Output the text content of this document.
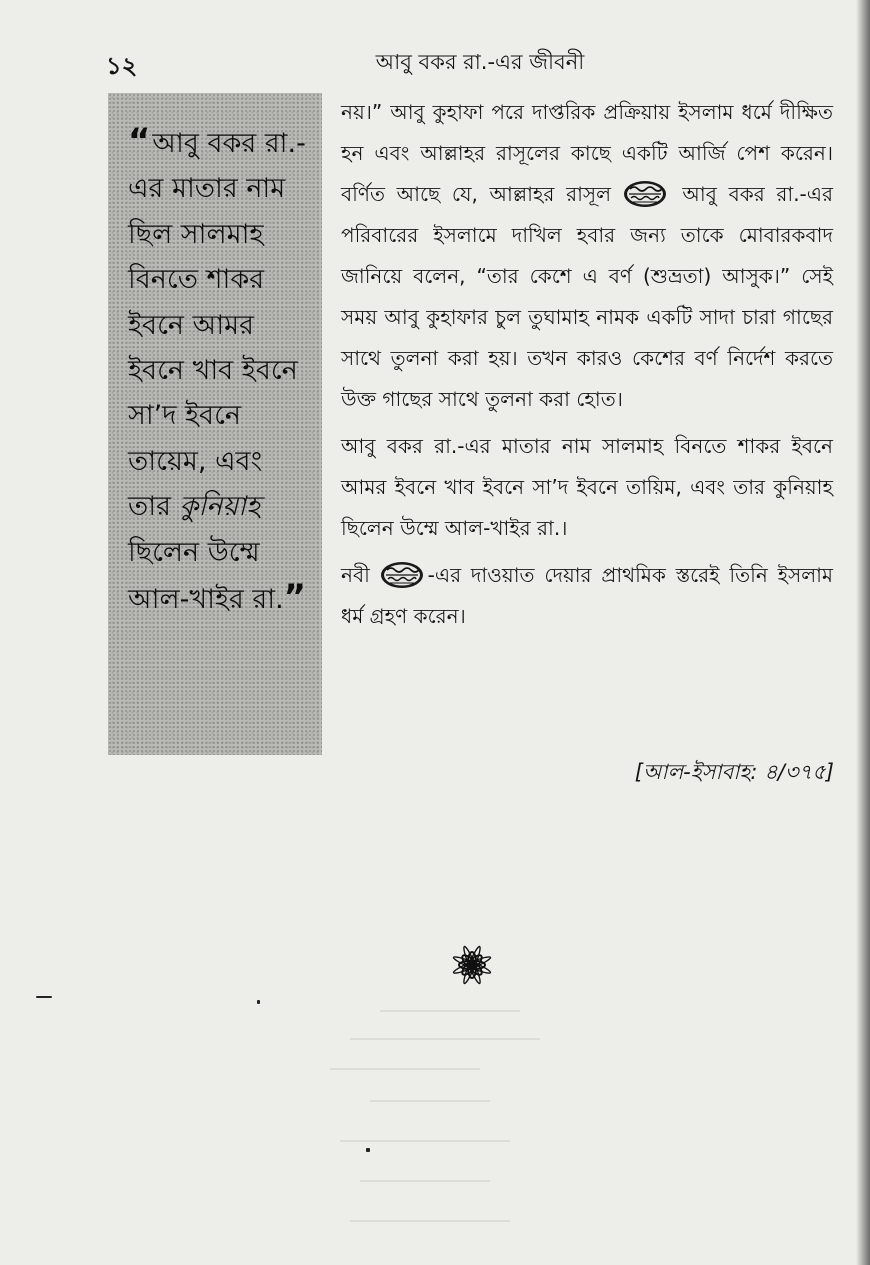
১২	আবু বকর রা.-এর জীবনী
“আবু বকর রা.-এর মাতার নাম ছিল সালমাহ বিনতে শাকর ইবনে আমর ইবনে খাব ইবনে সা’দ ইবনে তায়েম, এবং তার কুনিয়াহ ছিলেন উম্মে আল-খাইর রা.”

নয়।” আবু কুহাফা পরে দাপ্তরিক প্রক্রিয়ায় ইসলাম ধর্মে দীক্ষিত হন এবং আল্লাহর রাসূলের কাছে একটি আর্জি পেশ করেন। বর্ণিত আছে যে, আল্লাহর রাসূল	আবু বকর রা.-এর পরিবারের ইসলামে দাখিল হবার জন্য তাকে মোবারকবাদ জানিয়ে বলেন, “তার কেশে এ বর্ণ (শুভ্রতা) আসুক।” সেই সময় আবু কুহাফার চুল তুঘামাহ নামক একটি সাদা চারা গাছের সাথে তুলনা করা হয়। তখন কারও কেশের বর্ণ নির্দেশ করতে উক্ত গাছের সাথে তুলনা করা হোত।

আবু বকর রা.-এর মাতার নাম সালমাহ বিনতে শাকর ইবনে আমর ইবনে খাব ইবনে সা’দ ইবনে তায়িম, এবং তার কুনিয়াহ ছিলেন উম্মে আল-খাইর রা.।

নবী	-এর দাওয়াত দেয়ার প্রাথমিক স্তরেই তিনি ইসলাম ধর্ম গ্রহণ করেন।

[আল-ইসাবাহ: ৪/৩৭৫]
